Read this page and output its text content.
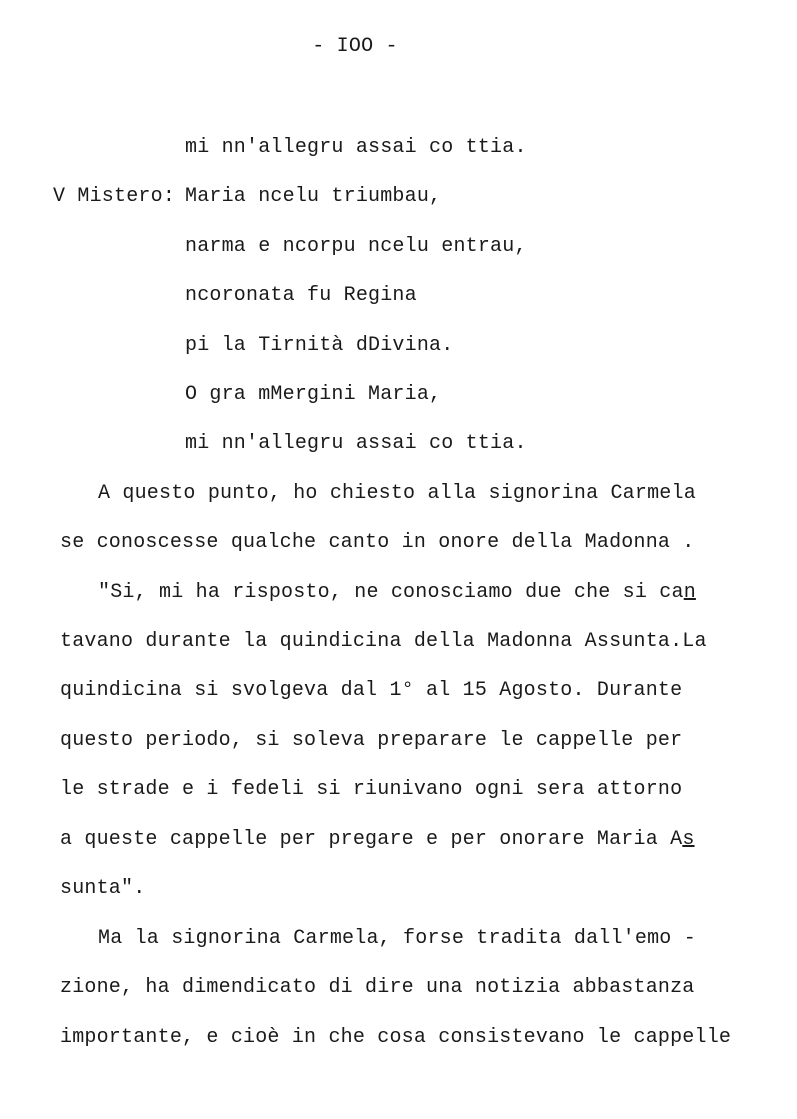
- IOO -
mi nn'allegru assai co ttia.
V Mistero: Maria ncelu triumbau,
narma e ncorpu ncelu entrau,
ncoronata fu Regina
pi la Tirnità dDivina.
O gra mMergini Maria,
mi nn'allegru assai co ttia.
A questo punto, ho chiesto alla signorina Carmela
se conoscesse qualche canto in onore della Madonna .
"Si, mi ha risposto, ne conosciamo due che si can
tavano durante la quindicina della Madonna Assunta.La
quindicina si svolgeva dal 1° al 15 Agosto. Durante
questo periodo, si soleva preparare le cappelle per
le strade e i fedeli si riunivano ogni sera attorno
a queste cappelle per pregare e per onorare Maria As
sunta".
Ma la signorina Carmela, forse tradita dall'emo -
zione, ha dimendicato di dire una notizia abbastanza
importante, e cioè in che cosa consistevano le cappelle
